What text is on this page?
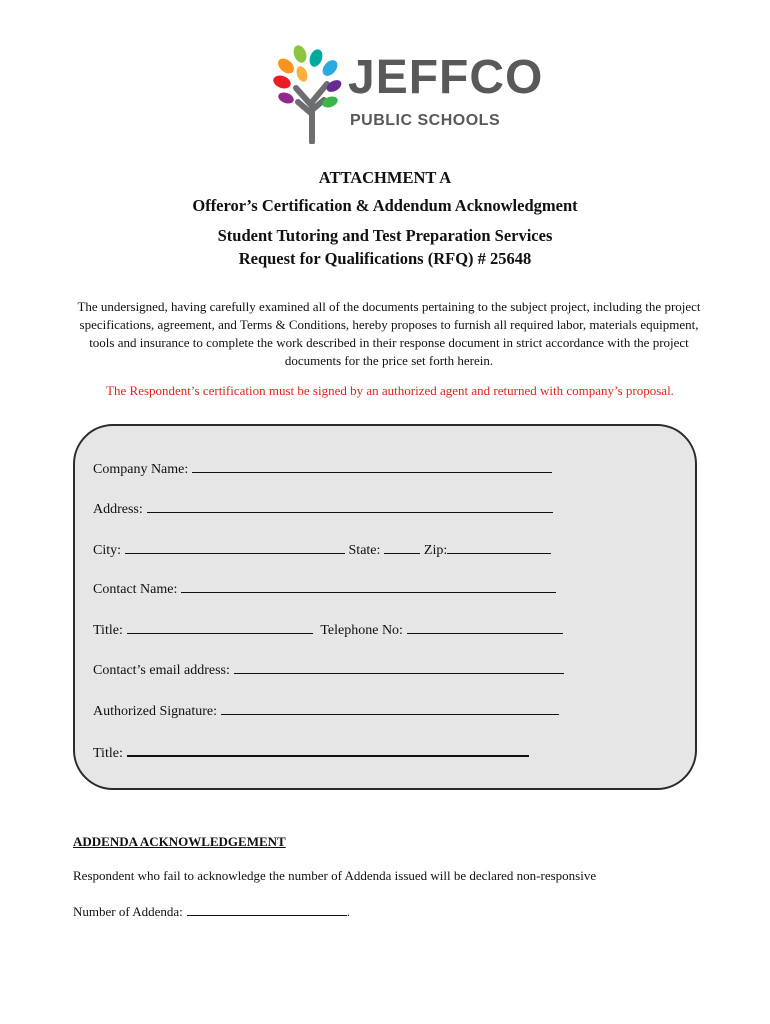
JEFFCO
PUBLIC SCHOOLS

ATTACHMENT A

Offeror’s Certification & Addendum Acknowledgment

Student Tutoring and Test Preparation Services

Request for Qualifications (RFQ) # 25648

The undersigned, having carefully examined all of the documents pertaining to the subject project, including the project specifications, agreement, and Terms & Conditions, hereby proposes to furnish all required labor, materials equipment, tools and insurance to complete the work described in their response document in strict accordance with the project documents for the price set forth herein.

The Respondent’s certification must be signed by an authorized agent and returned with company’s proposal.

Company Name:
Address:
City:	State:	Zip:
Contact Name:
Title:	Telephone No:
Contact’s email address:
Authorized Signature:
Title:

ADDENDA ACKNOWLEDGEMENT

Respondent who fail to acknowledge the number of Addenda issued will be declared non-responsive

Number of Addenda:	.
